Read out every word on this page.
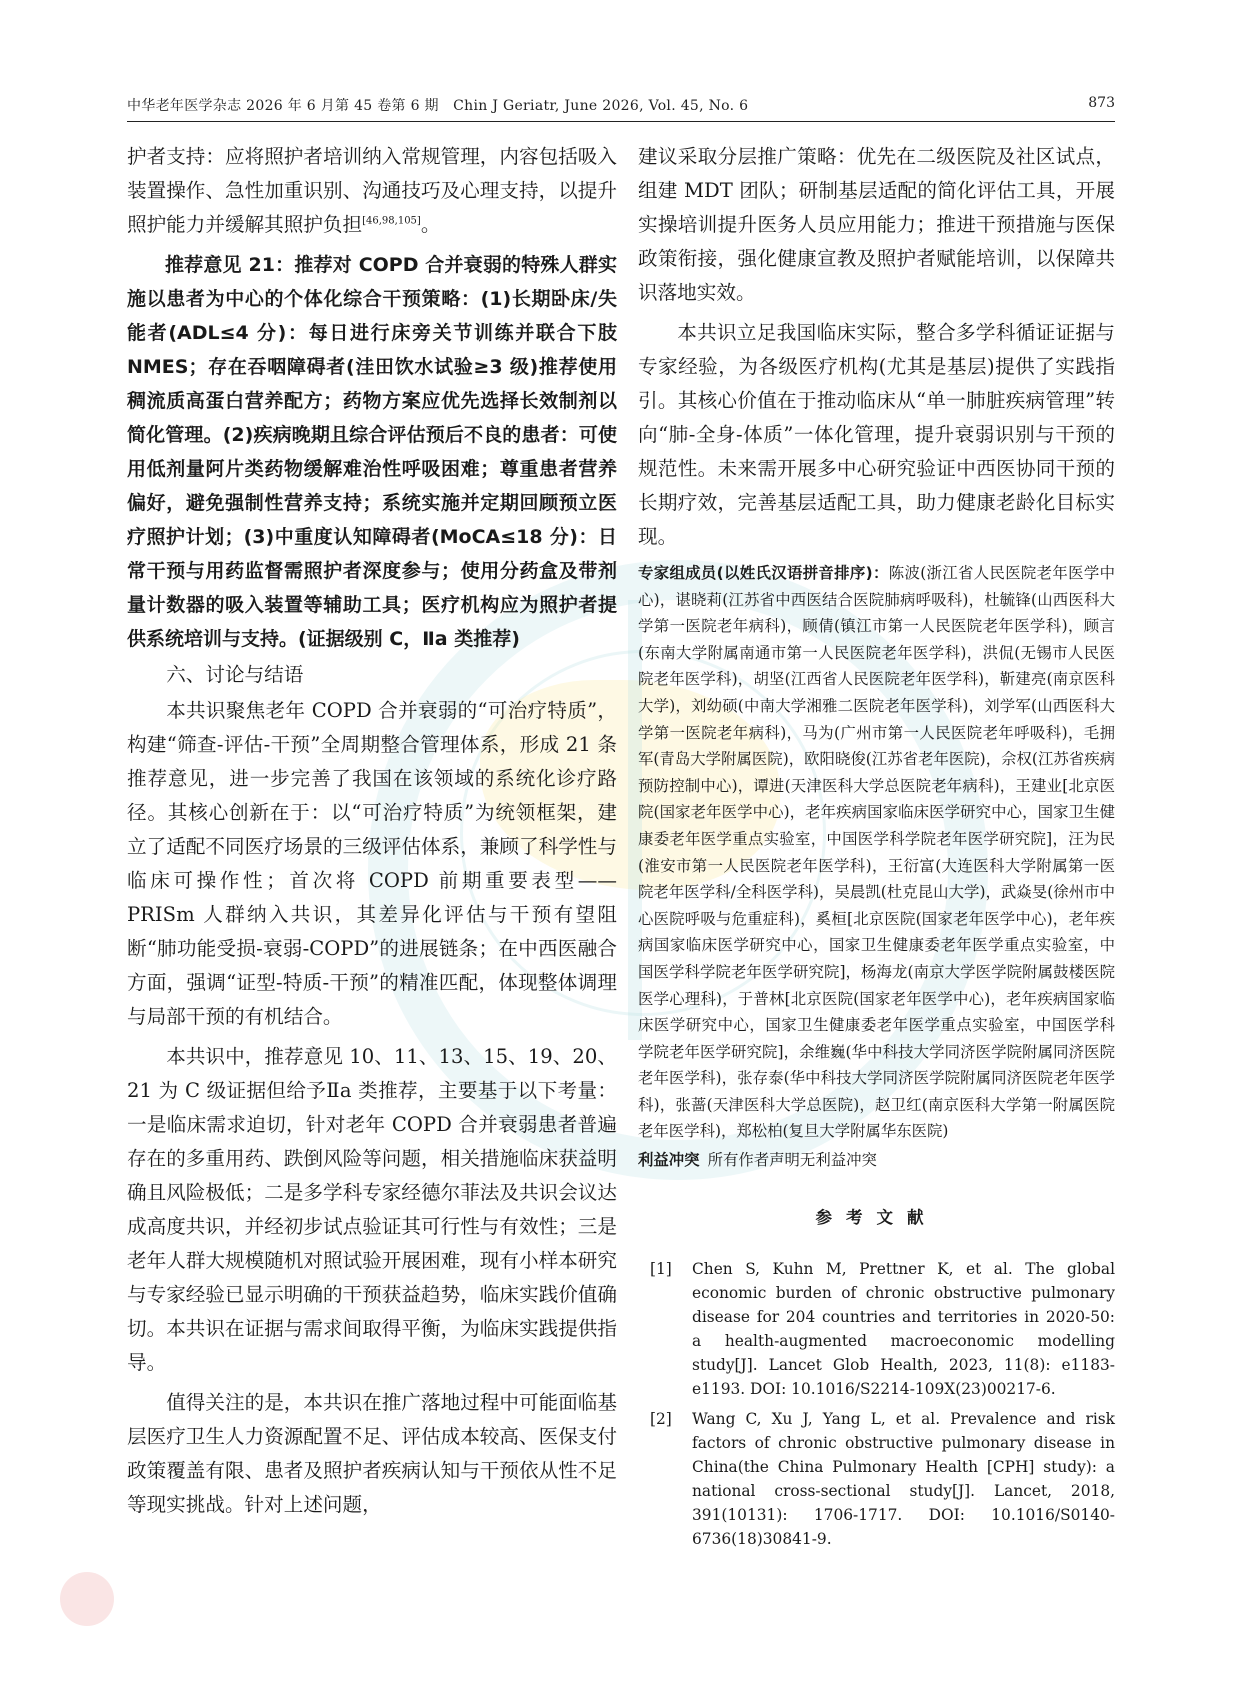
中华老年医学杂志 2026 年 6 月第 45 卷第 6 期　Chin J Geriatr, June 2026, Vol. 45, No. 6	873

护者支持：应将照护者培训纳入常规管理，内容包括吸入装置操作、急性加重识别、沟通技巧及心理支持，以提升照护能力并缓解其照护负担[46,98,105]。

推荐意见 21：推荐对 COPD 合并衰弱的特殊人群实施以患者为中心的个体化综合干预策略：(1)长期卧床/失能者(ADL≤4 分)：每日进行床旁关节训练并联合下肢 NMES；存在吞咽障碍者(洼田饮水试验≥3 级)推荐使用稠流质高蛋白营养配方；药物方案应优先选择长效制剂以简化管理。(2)疾病晚期且综合评估预后不良的患者：可使用低剂量阿片类药物缓解难治性呼吸困难；尊重患者营养偏好，避免强制性营养支持；系统实施并定期回顾预立医疗照护计划；(3)中重度认知障碍者(MoCA≤18 分)：日常干预与用药监督需照护者深度参与；使用分药盒及带剂量计数器的吸入装置等辅助工具；医疗机构应为照护者提供系统培训与支持。(证据级别 C，Ⅱa 类推荐)

六、讨论与结语

本共识聚焦老年 COPD 合并衰弱的“可治疗特质”，构建“筛查-评估-干预”全周期整合管理体系，形成 21 条推荐意见，进一步完善了我国在该领域的系统化诊疗路径。其核心创新在于：以“可治疗特质”为统领框架，建立了适配不同医疗场景的三级评估体系，兼顾了科学性与临床可操作性；首次将 COPD 前期重要表型——PRISm 人群纳入共识，其差异化评估与干预有望阻断“肺功能受损-衰弱-COPD”的进展链条；在中西医融合方面，强调“证型-特质-干预”的精准匹配，体现整体调理与局部干预的有机结合。

本共识中，推荐意见 10、11、13、15、19、20、21 为 C 级证据但给予Ⅱa 类推荐，主要基于以下考量：一是临床需求迫切，针对老年 COPD 合并衰弱患者普遍存在的多重用药、跌倒风险等问题，相关措施临床获益明确且风险极低；二是多学科专家经德尔菲法及共识会议达成高度共识，并经初步试点验证其可行性与有效性；三是老年人群大规模随机对照试验开展困难，现有小样本研究与专家经验已显示明确的干预获益趋势，临床实践价值确切。本共识在证据与需求间取得平衡，为临床实践提供指导。

值得关注的是，本共识在推广落地过程中可能面临基层医疗卫生人力资源配置不足、评估成本较高、医保支付政策覆盖有限、患者及照护者疾病认知与干预依从性不足等现实挑战。针对上述问题，

建议采取分层推广策略：优先在二级医院及社区试点，组建 MDT 团队；研制基层适配的简化评估工具，开展实操培训提升医务人员应用能力；推进干预措施与医保政策衔接，强化健康宣教及照护者赋能培训，以保障共识落地实效。

本共识立足我国临床实际，整合多学科循证证据与专家经验，为各级医疗机构(尤其是基层)提供了实践指引。其核心价值在于推动临床从“单一肺脏疾病管理”转向“肺-全身-体质”一体化管理，提升衰弱识别与干预的规范性。未来需开展多中心研究验证中西医协同干预的长期疗效，完善基层适配工具，助力健康老龄化目标实现。

专家组成员(以姓氏汉语拼音排序)：陈波(浙江省人民医院老年医学中心)，谌晓莉(江苏省中西医结合医院肺病呼吸科)，杜毓锋(山西医科大学第一医院老年病科)，顾倩(镇江市第一人民医院老年医学科)，顾言(东南大学附属南通市第一人民医院老年医学科)，洪侃(无锡市人民医院老年医学科)，胡坚(江西省人民医院老年医学科)，靳建亮(南京医科大学)，刘幼硕(中南大学湘雅二医院老年医学科)，刘学军(山西医科大学第一医院老年病科)，马为(广州市第一人民医院老年呼吸科)，毛拥军(青岛大学附属医院)，欧阳晓俊(江苏省老年医院)，佘权(江苏省疾病预防控制中心)，谭进(天津医科大学总医院老年病科)，王建业[北京医院(国家老年医学中心)，老年疾病国家临床医学研究中心，国家卫生健康委老年医学重点实验室，中国医学科学院老年医学研究院]，汪为民(淮安市第一人民医院老年医学科)，王衍富(大连医科大学附属第一医院老年医学科/全科医学科)，吴晨凯(杜克昆山大学)，武焱旻(徐州市中心医院呼吸与危重症科)，奚桓[北京医院(国家老年医学中心)，老年疾病国家临床医学研究中心，国家卫生健康委老年医学重点实验室，中国医学科学院老年医学研究院]，杨海龙(南京大学医学院附属鼓楼医院医学心理科)，于普林[北京医院(国家老年医学中心)，老年疾病国家临床医学研究中心，国家卫生健康委老年医学重点实验室，中国医学科学院老年医学研究院]，余维巍(华中科技大学同济医学院附属同济医院老年医学科)，张存泰(华中科技大学同济医学院附属同济医院老年医学科)，张蔷(天津医科大学总医院)，赵卫红(南京医科大学第一附属医院老年医学科)，郑松柏(复旦大学附属华东医院)

利益冲突 所有作者声明无利益冲突

参考文献
[1] Chen S, Kuhn M, Prettner K, et al. The global economic burden of chronic obstructive pulmonary disease for 204 countries and territories in 2020-50: a health-augmented macroeconomic modelling study[J]. Lancet Glob Health, 2023, 11(8): e1183-e1193. DOI: 10.1016/S2214-109X(23)00217-6.
[2] Wang C, Xu J, Yang L, et al. Prevalence and risk factors of chronic obstructive pulmonary disease in China(the China Pulmonary Health [CPH] study): a national cross-sectional study[J]. Lancet, 2018, 391(10131): 1706-1717. DOI: 10.1016/S0140-6736(18)30841-9.
